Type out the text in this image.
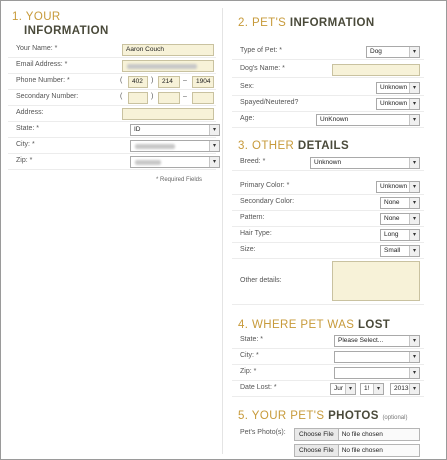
1. YOUR
INFORMATION
Your Name: *	Aaron Couch
Email Address: *
Phone Number: *	(	402	)	214	–	1904
Secondary Number:	(	)	–
Address:
State: *	ID	▾
City: *	▾
Zip: *	▾
* Required Fields
2. PET'S INFORMATION
Type of Pet: *	Dog	▾
Dog's Name: *
Sex:	Unknown ▾
Spayed/Neutered?	Unknown ▾
Age:	UnKnown	▾
3. OTHER DETAILS
Breed: *	Unknown	▾
Primary Color: *	Unknown ▾
Secondary Color:	None	▾
Pattern:	None	▾
Hair Type:	Long	▾
Size:	Small	▾
Other details:
4. WHERE PET WAS LOST
State: *	Please Select...	▾
City: *	▾
Zip: *	▾
Date Lost: *	Jur ▾	1!	▾	2013 ▾
5. YOUR PET'S PHOTOS (optional)
Pet's Photo(s):	Choose File No file chosen
Choose File No file chosen
